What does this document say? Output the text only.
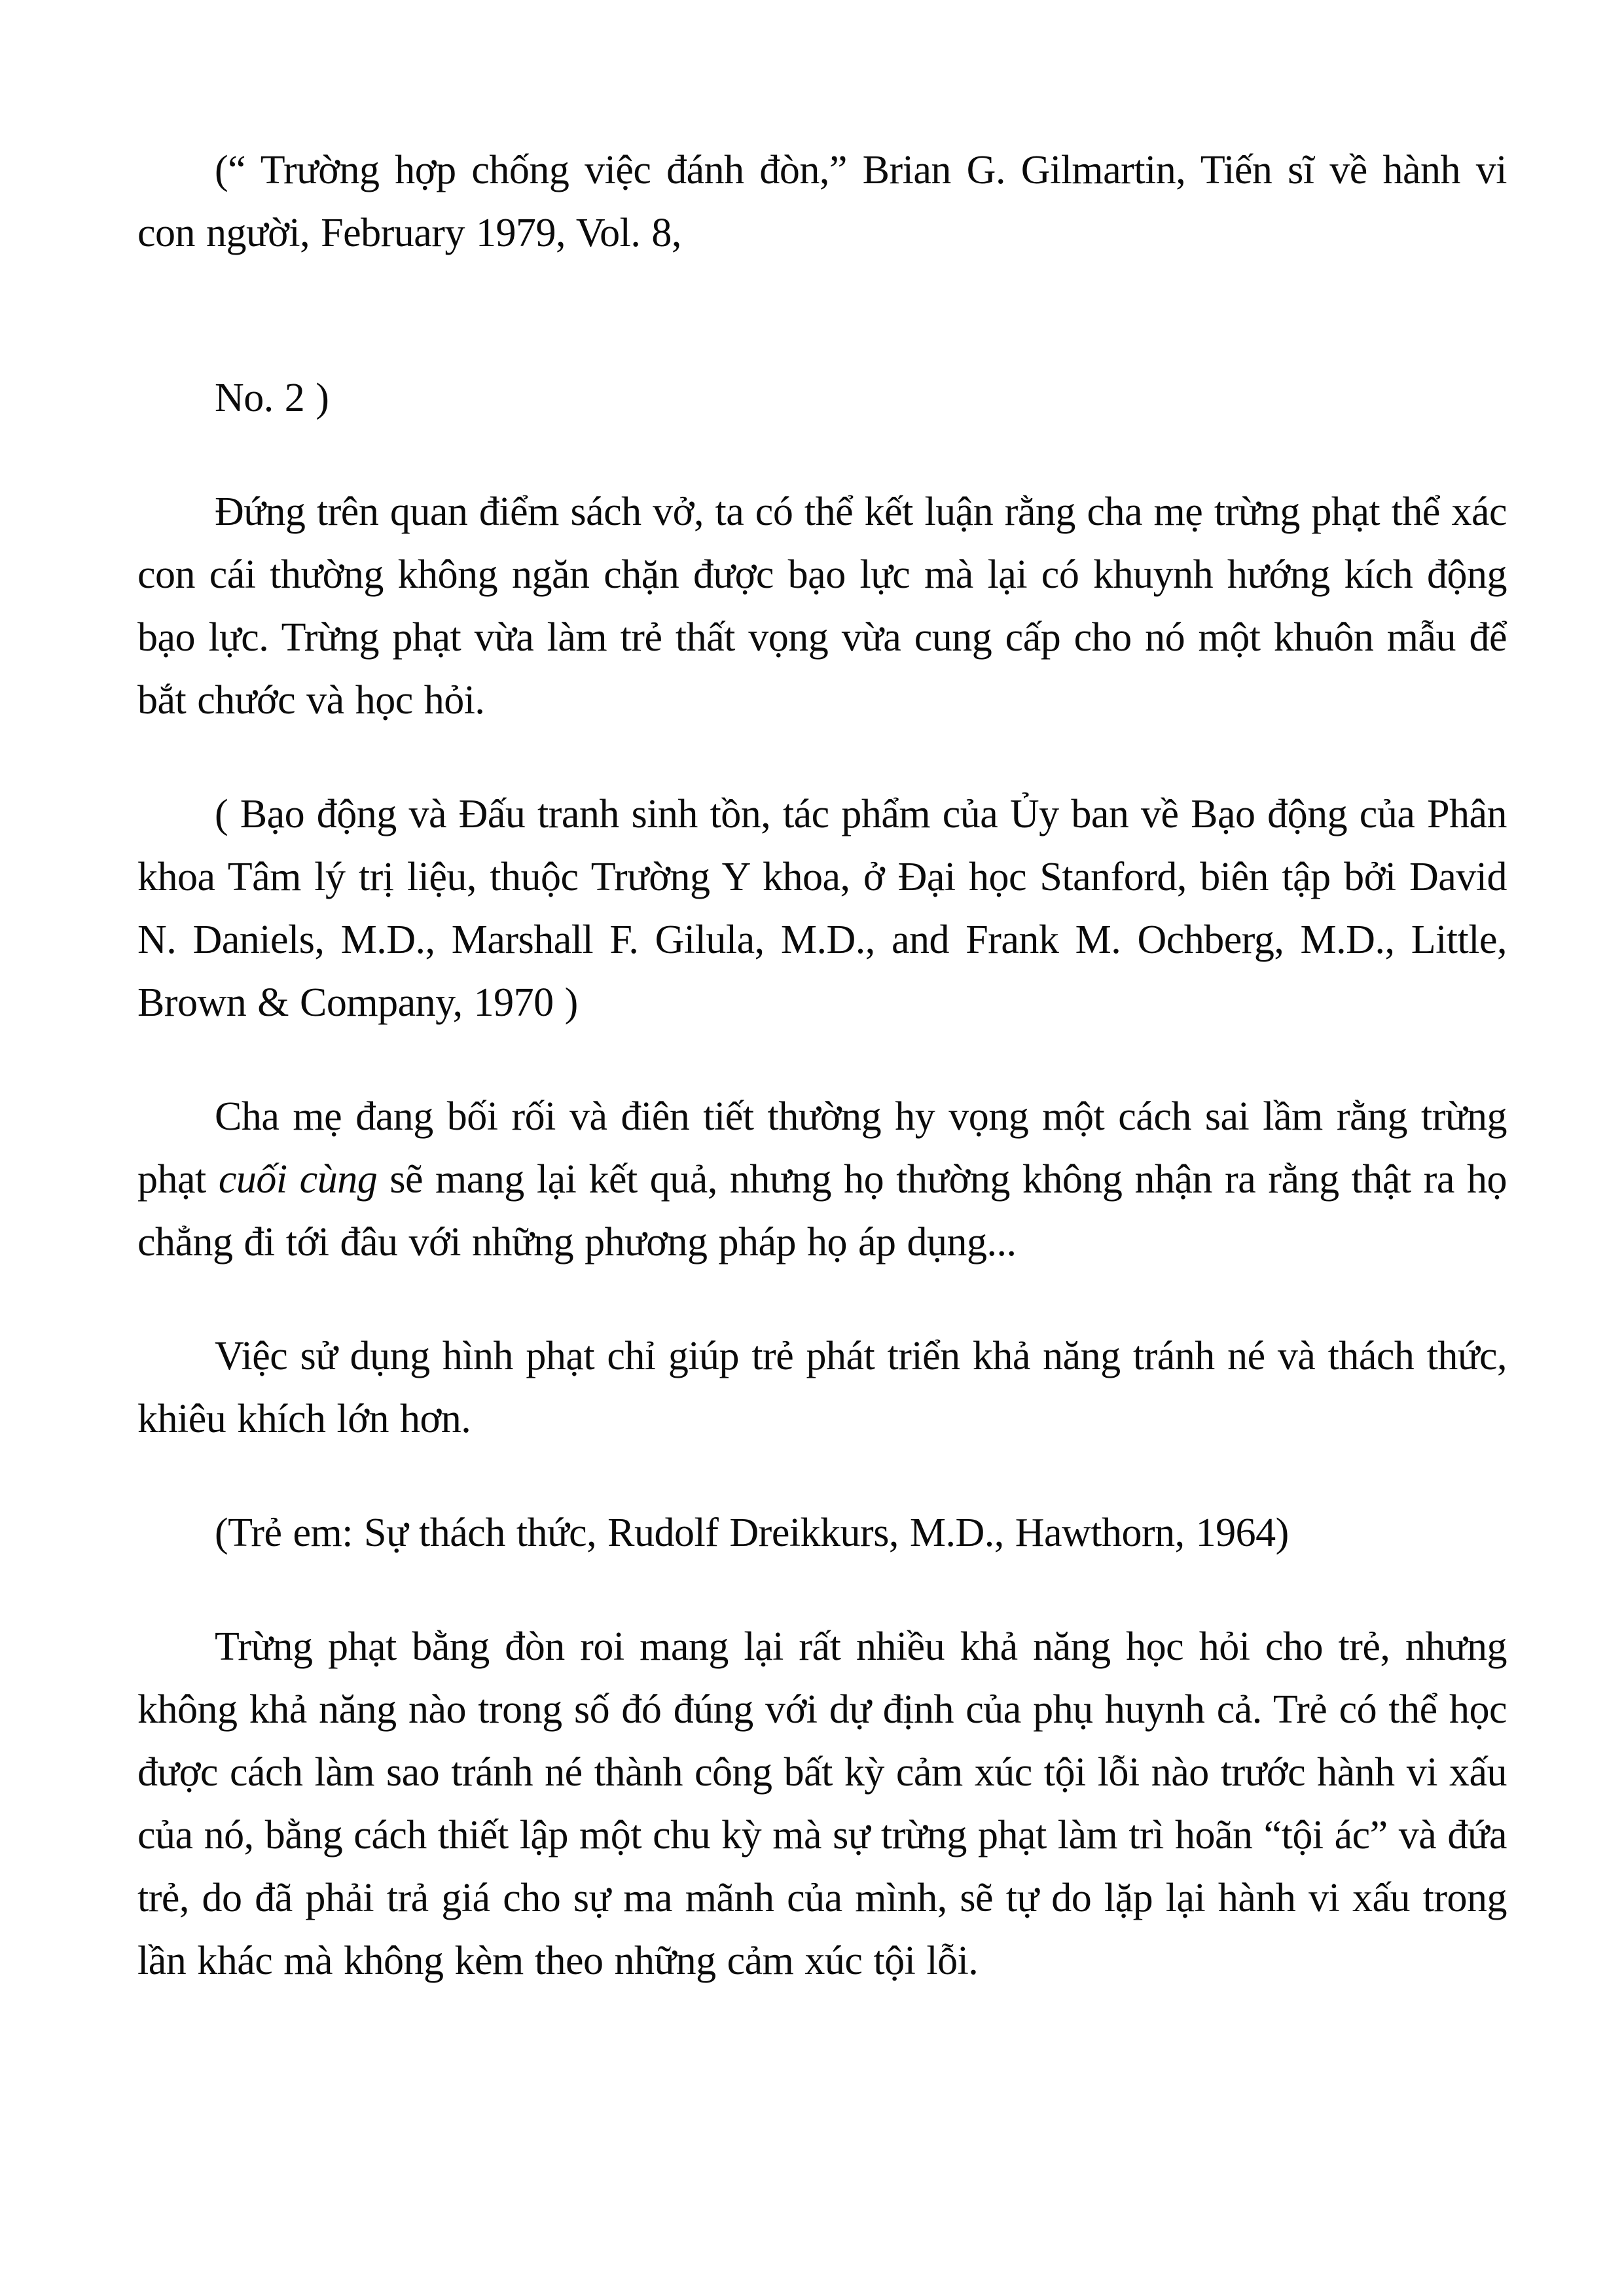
(“ Trường hợp chống việc đánh đòn,” Brian G. Gilmartin, Tiến sĩ về hành vi con người, February 1979, Vol. 8,

No. 2 )

Đứng trên quan điểm sách vở, ta có thể kết luận rằng cha mẹ trừng phạt thể xác con cái thường không ngăn chặn được bạo lực mà lại có khuynh hướng kích động bạo lực. Trừng phạt vừa làm trẻ thất vọng vừa cung cấp cho nó một khuôn mẫu để bắt chước và học hỏi.

( Bạo động và Đấu tranh sinh tồn, tác phẩm của Ủy ban về Bạo động của Phân khoa Tâm lý trị liệu, thuộc Trường Y khoa, ở Đại học Stanford, biên tập bởi David N. Daniels, M.D., Marshall F. Gilula, M.D., and Frank M. Ochberg, M.D., Little, Brown & Company, 1970 )

Cha mẹ đang bối rối và điên tiết thường hy vọng một cách sai lầm rằng trừng phạt cuối cùng sẽ mang lại kết quả, nhưng họ thường không nhận ra rằng thật ra họ chẳng đi tới đâu với những phương pháp họ áp dụng...

Việc sử dụng hình phạt chỉ giúp trẻ phát triển khả năng tránh né và thách thức, khiêu khích lớn hơn.

(Trẻ em: Sự thách thức, Rudolf Dreikkurs, M.D., Hawthorn, 1964)

Trừng phạt bằng đòn roi mang lại rất nhiều khả năng học hỏi cho trẻ, nhưng không khả năng nào trong số đó đúng với dự định của phụ huynh cả. Trẻ có thể học được cách làm sao tránh né thành công bất kỳ cảm xúc tội lỗi nào trước hành vi xấu của nó, bằng cách thiết lập một chu kỳ mà sự trừng phạt làm trì hoãn “tội ác” và đứa trẻ, do đã phải trả giá cho sự ma mãnh của mình, sẽ tự do lặp lại hành vi xấu trong lần khác mà không kèm theo những cảm xúc tội lỗi.
